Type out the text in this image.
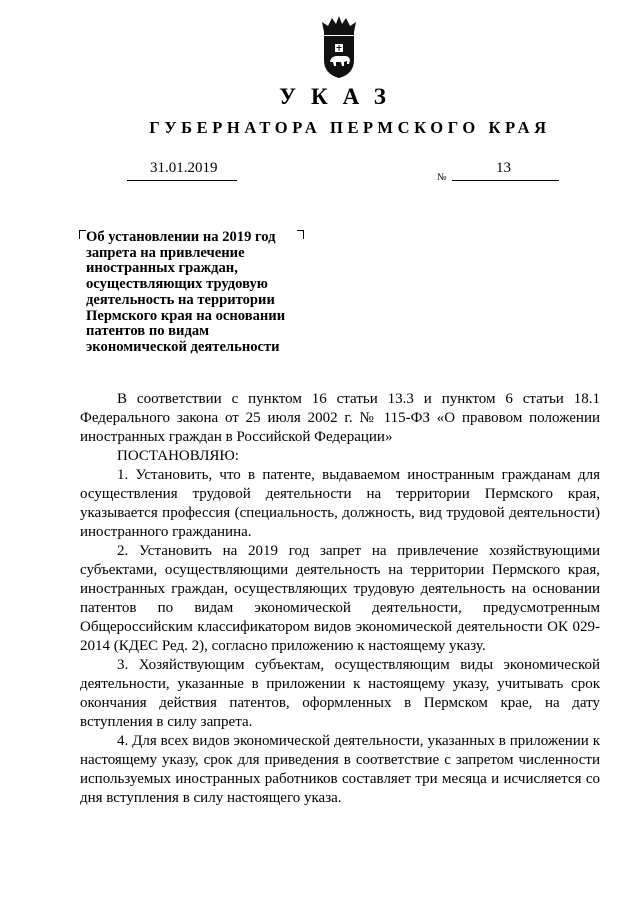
УКАЗ
ГУБЕРНАТОРА ПЕРМСКОГО КРАЯ
31.01.2019
№
13
Об установлении на 2019 год
запрета на привлечение
иностранных граждан,
осуществляющих трудовую
деятельность на территории
Пермского края на основании
патентов по видам
экономической деятельности

В соответствии с пунктом 16 статьи 13.3 и пунктом 6 статьи 18.1 Федерального закона от 25 июля 2002 г. № 115-ФЗ «О правовом положении иностранных граждан в Российской Федерации»

ПОСТАНОВЛЯЮ:

1. Установить, что в патенте, выдаваемом иностранным гражданам для осуществления трудовой деятельности на территории Пермского края, указывается профессия (специальность, должность, вид трудовой деятельности) иностранного гражданина.

2. Установить на 2019 год запрет на привлечение хозяйствующими субъектами, осуществляющими деятельность на территории Пермского края, иностранных граждан, осуществляющих трудовую деятельность на основании патентов по видам экономической деятельности, предусмотренным Общероссийским классификатором видов экономической деятельности ОК 029-2014 (КДЕС Ред. 2), согласно приложению к настоящему указу.

3. Хозяйствующим субъектам, осуществляющим виды экономической деятельности, указанные в приложении к настоящему указу, учитывать срок окончания действия патентов, оформленных в Пермском крае, на дату вступления в силу запрета.

4. Для всех видов экономической деятельности, указанных в приложении к настоящему указу, срок для приведения в соответствие с запретом численности используемых иностранных работников составляет три месяца и исчисляется со дня вступления в силу настоящего указа.
